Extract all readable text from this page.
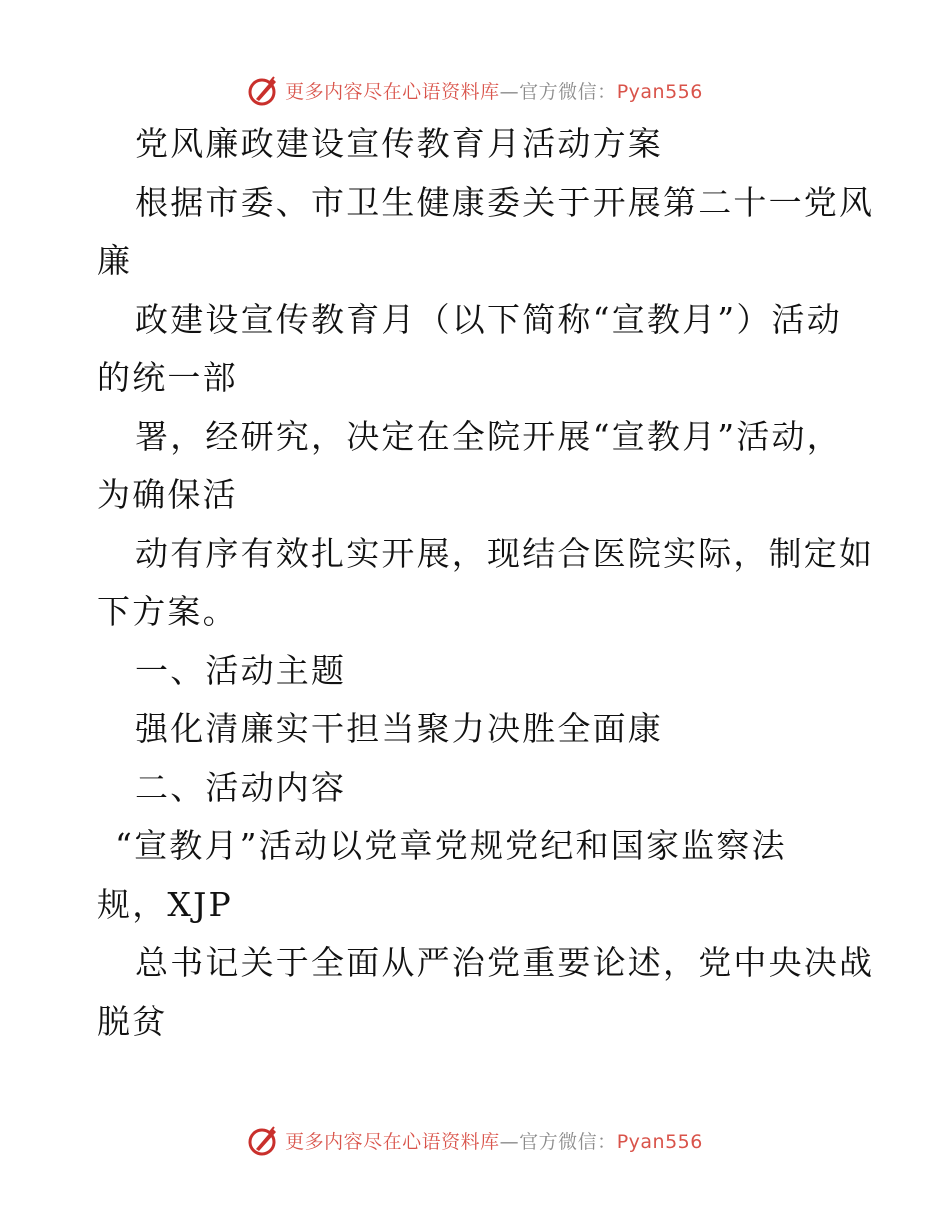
更多内容尽在心语资料库—官方微信：Pyan556
党风廉政建设宣传教育月活动方案
根据市委、市卫生健康委关于开展第二十一党风
廉
政建设宣传教育月（以下简称“宣教月”）活动
的统一部
署，经研究，决定在全院开展“宣教月”活动，
为确保活
动有序有效扎实开展，现结合医院实际，制定如
下方案。
一、活动主题
强化清廉实干担当聚力决胜全面康
二、活动内容
“宣教月”活动以党章党规党纪和国家监察法
规，XJP
总书记关于全面从严治党重要论述，党中央决战
脱贫
更多内容尽在心语资料库—官方微信：Pyan556
